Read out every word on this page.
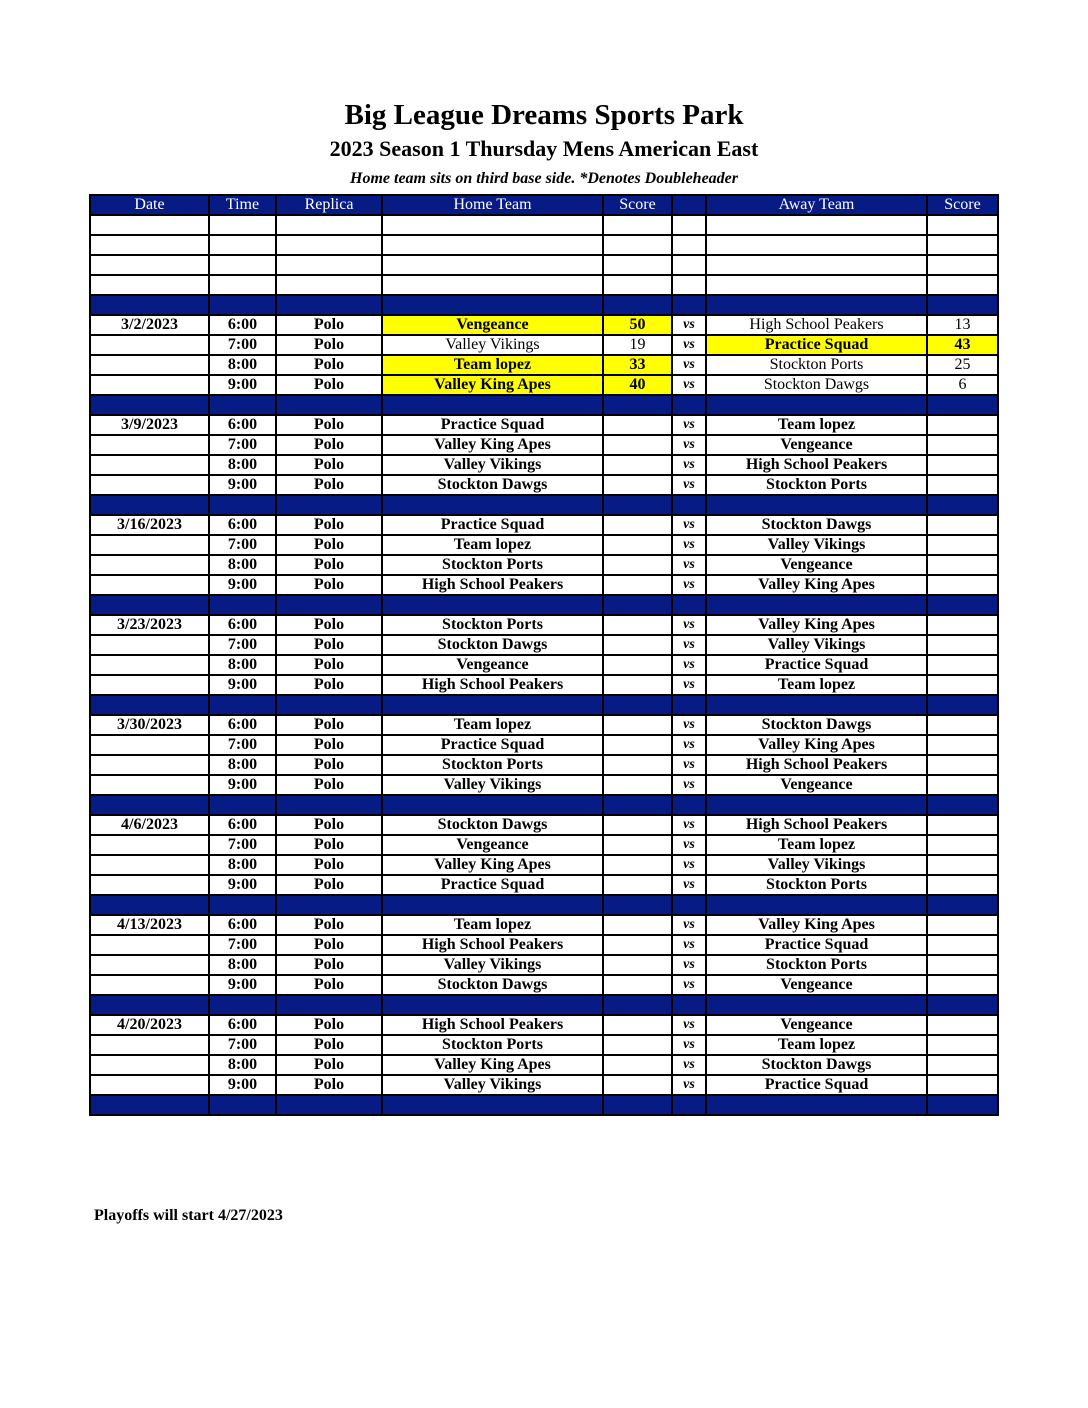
Big League Dreams Sports Park
2023 Season 1 Thursday Mens American East
Home team sits on third base side. *Denotes Doubleheader
Date	Time	Replica	Home Team	Score		Away Team	Score

3/2/2023	6:00	Polo	Vengeance	50	vs	High School Peakers	13
	7:00	Polo	Valley Vikings	19	vs	Practice Squad	43
	8:00	Polo	Team lopez	33	vs	Stockton Ports	25
	9:00	Polo	Valley King Apes	40	vs	Stockton Dawgs	6

3/9/2023	6:00	Polo	Practice Squad		vs	Team lopez	
	7:00	Polo	Valley King Apes		vs	Vengeance	
	8:00	Polo	Valley Vikings		vs	High School Peakers	
	9:00	Polo	Stockton Dawgs		vs	Stockton Ports	

3/16/2023	6:00	Polo	Practice Squad		vs	Stockton Dawgs	
	7:00	Polo	Team lopez		vs	Valley Vikings	
	8:00	Polo	Stockton Ports		vs	Vengeance	
	9:00	Polo	High School Peakers		vs	Valley King Apes	

3/23/2023	6:00	Polo	Stockton Ports		vs	Valley King Apes	
	7:00	Polo	Stockton Dawgs		vs	Valley Vikings	
	8:00	Polo	Vengeance		vs	Practice Squad	
	9:00	Polo	High School Peakers		vs	Team lopez	

3/30/2023	6:00	Polo	Team lopez		vs	Stockton Dawgs	
	7:00	Polo	Practice Squad		vs	Valley King Apes	
	8:00	Polo	Stockton Ports		vs	High School Peakers	
	9:00	Polo	Valley Vikings		vs	Vengeance	

4/6/2023	6:00	Polo	Stockton Dawgs		vs	High School Peakers	
	7:00	Polo	Vengeance		vs	Team lopez	
	8:00	Polo	Valley King Apes		vs	Valley Vikings	
	9:00	Polo	Practice Squad		vs	Stockton Ports	

4/13/2023	6:00	Polo	Team lopez		vs	Valley King Apes	
	7:00	Polo	High School Peakers		vs	Practice Squad	
	8:00	Polo	Valley Vikings		vs	Stockton Ports	
	9:00	Polo	Stockton Dawgs		vs	Vengeance	

4/20/2023	6:00	Polo	High School Peakers		vs	Vengeance	
	7:00	Polo	Stockton Ports		vs	Team lopez	
	8:00	Polo	Valley King Apes		vs	Stockton Dawgs	
	9:00	Polo	Valley Vikings		vs	Practice Squad	

Playoffs will start 4/27/2023
